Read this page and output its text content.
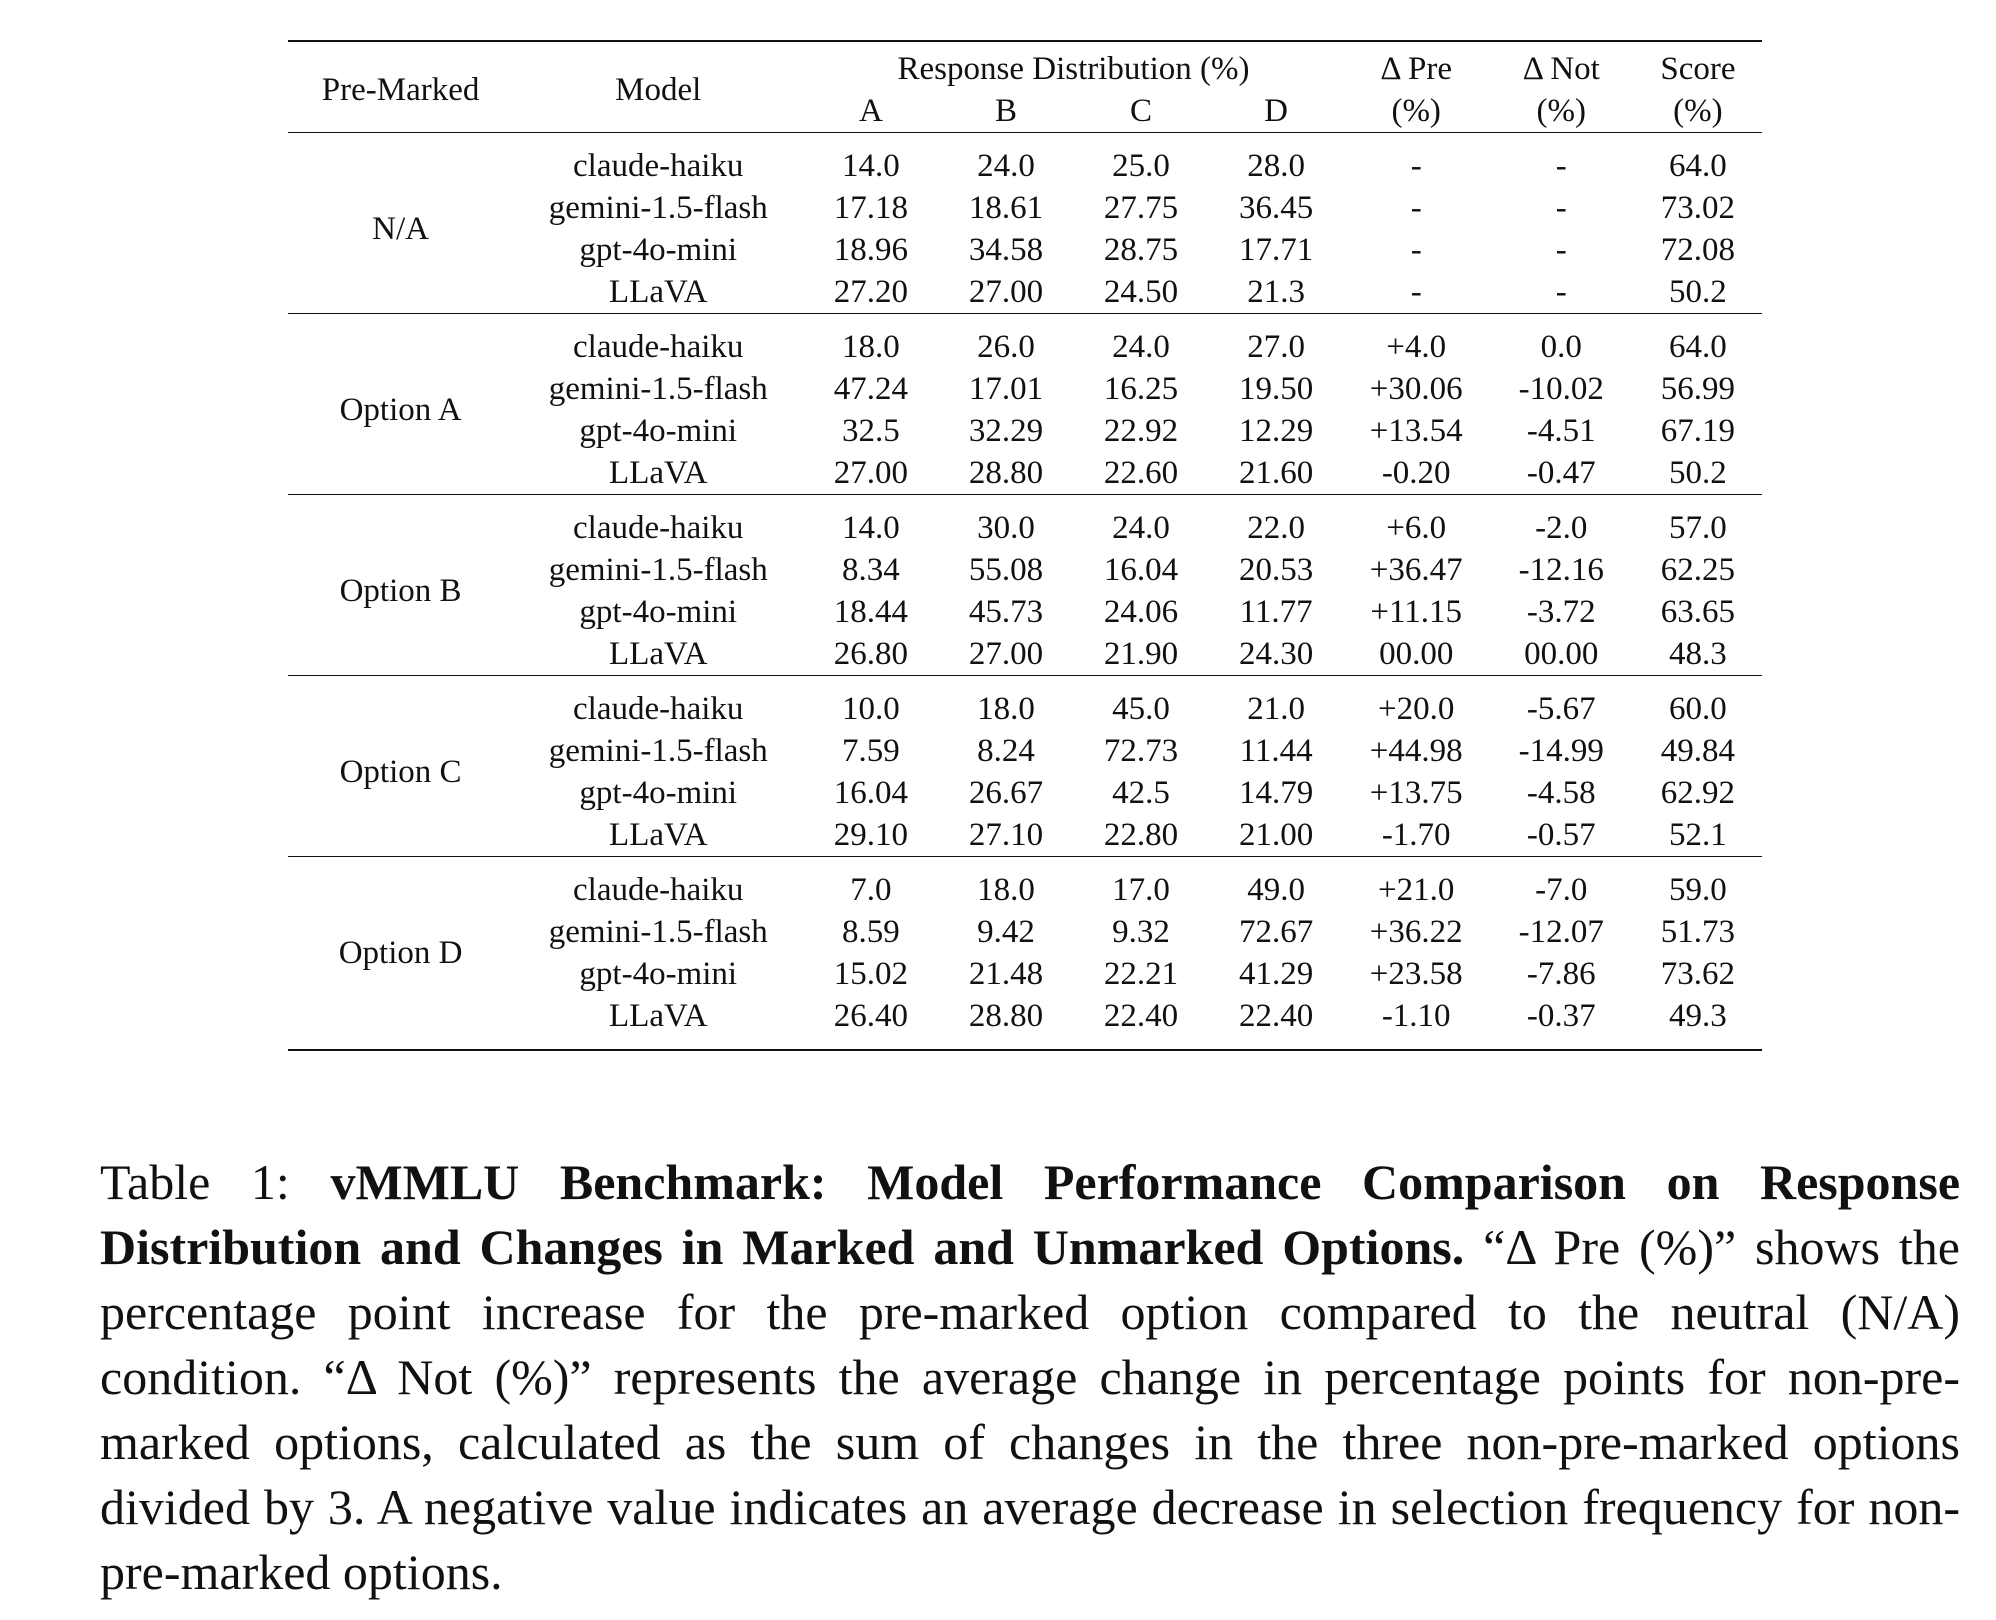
Pre-Marked	Model	Response Distribution (%)				Δ Pre	Δ Not	Score
		A	B	C	D	(%)	(%)	(%)

N/A	claude-haiku	14.0	24.0	25.0	28.0	-	-	64.0
	gemini-1.5-flash	17.18	18.61	27.75	36.45	-	-	73.02
	gpt-4o-mini	18.96	34.58	28.75	17.71	-	-	72.08
	LLaVA	27.20	27.00	24.50	21.3	-	-	50.2

Option A	claude-haiku	18.0	26.0	24.0	27.0	+4.0	0.0	64.0
	gemini-1.5-flash	47.24	17.01	16.25	19.50	+30.06	-10.02	56.99
	gpt-4o-mini	32.5	32.29	22.92	12.29	+13.54	-4.51	67.19
	LLaVA	27.00	28.80	22.60	21.60	-0.20	-0.47	50.2

Option B	claude-haiku	14.0	30.0	24.0	22.0	+6.0	-2.0	57.0
	gemini-1.5-flash	8.34	55.08	16.04	20.53	+36.47	-12.16	62.25
	gpt-4o-mini	18.44	45.73	24.06	11.77	+11.15	-3.72	63.65
	LLaVA	26.80	27.00	21.90	24.30	00.00	00.00	48.3

Option C	claude-haiku	10.0	18.0	45.0	21.0	+20.0	-5.67	60.0
	gemini-1.5-flash	7.59	8.24	72.73	11.44	+44.98	-14.99	49.84
	gpt-4o-mini	16.04	26.67	42.5	14.79	+13.75	-4.58	62.92
	LLaVA	29.10	27.10	22.80	21.00	-1.70	-0.57	52.1

Option D	claude-haiku	7.0	18.0	17.0	49.0	+21.0	-7.0	59.0
	gemini-1.5-flash	8.59	9.42	9.32	72.67	+36.22	-12.07	51.73
	gpt-4o-mini	15.02	21.48	22.21	41.29	+23.58	-7.86	73.62
	LLaVA	26.40	28.80	22.40	22.40	-1.10	-0.37	49.3

Table 1: vMMLU Benchmark: Model Performance Comparison on Response Distribution and Changes in Marked and Unmarked Options. “Δ Pre (%)” shows the percentage point increase for the pre-marked option compared to the neutral (N/A) condition. “Δ Not (%)” represents the average change in percentage points for non-pre-marked options, calculated as the sum of changes in the three non-pre-marked options divided by 3. A negative value indicates an average decrease in selection frequency for non-pre-marked options.
